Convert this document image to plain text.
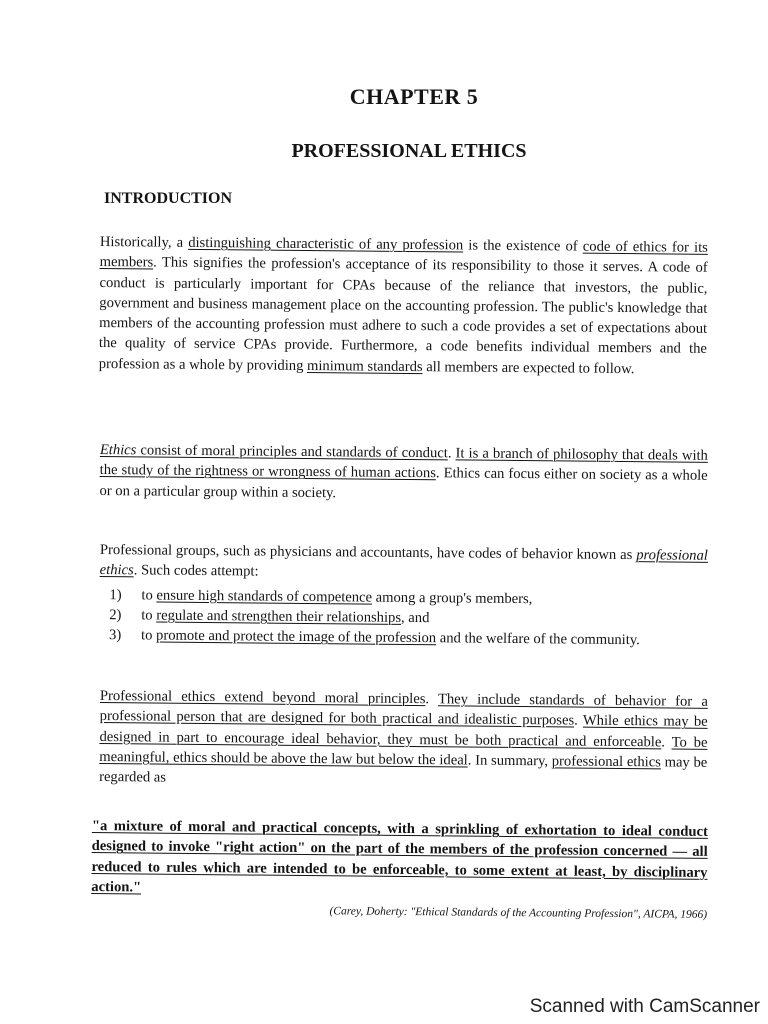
CHAPTER 5
PROFESSIONAL ETHICS
INTRODUCTION
Historically, a distinguishing characteristic of any profession is the existence of code of ethics for its members. This signifies the profession's acceptance of its responsibility to those it serves. A code of conduct is particularly important for CPAs because of the reliance that investors, the public, government and business management place on the accounting profession. The public's knowledge that members of the accounting profession must adhere to such a code provides a set of expectations about the quality of service CPAs provide. Furthermore, a code benefits individual members and the profession as a whole by providing minimum standards all members are expected to follow.
Ethics consist of moral principles and standards of conduct. It is a branch of philosophy that deals with the study of the rightness or wrongness of human actions. Ethics can focus either on society as a whole or on a particular group within a society.
Professional groups, such as physicians and accountants, have codes of behavior known as professional ethics. Such codes attempt:
1) to ensure high standards of competence among a group's members,
2) to regulate and strengthen their relationships, and
3) to promote and protect the image of the profession and the welfare of the community.
Professional ethics extend beyond moral principles. They include standards of behavior for a professional person that are designed for both practical and idealistic purposes. While ethics may be designed in part to encourage ideal behavior, they must be both practical and enforceable. To be meaningful, ethics should be above the law but below the ideal. In summary, professional ethics may be regarded as
"a mixture of moral and practical concepts, with a sprinkling of exhortation to ideal conduct designed to invoke "right action" on the part of the members of the profession concerned — all reduced to rules which are intended to be enforceable, to some extent at least, by disciplinary action."
(Carey, Doherty: "Ethical Standards of the Accounting Profession", AICPA, 1966)
Scanned with CamScanner
